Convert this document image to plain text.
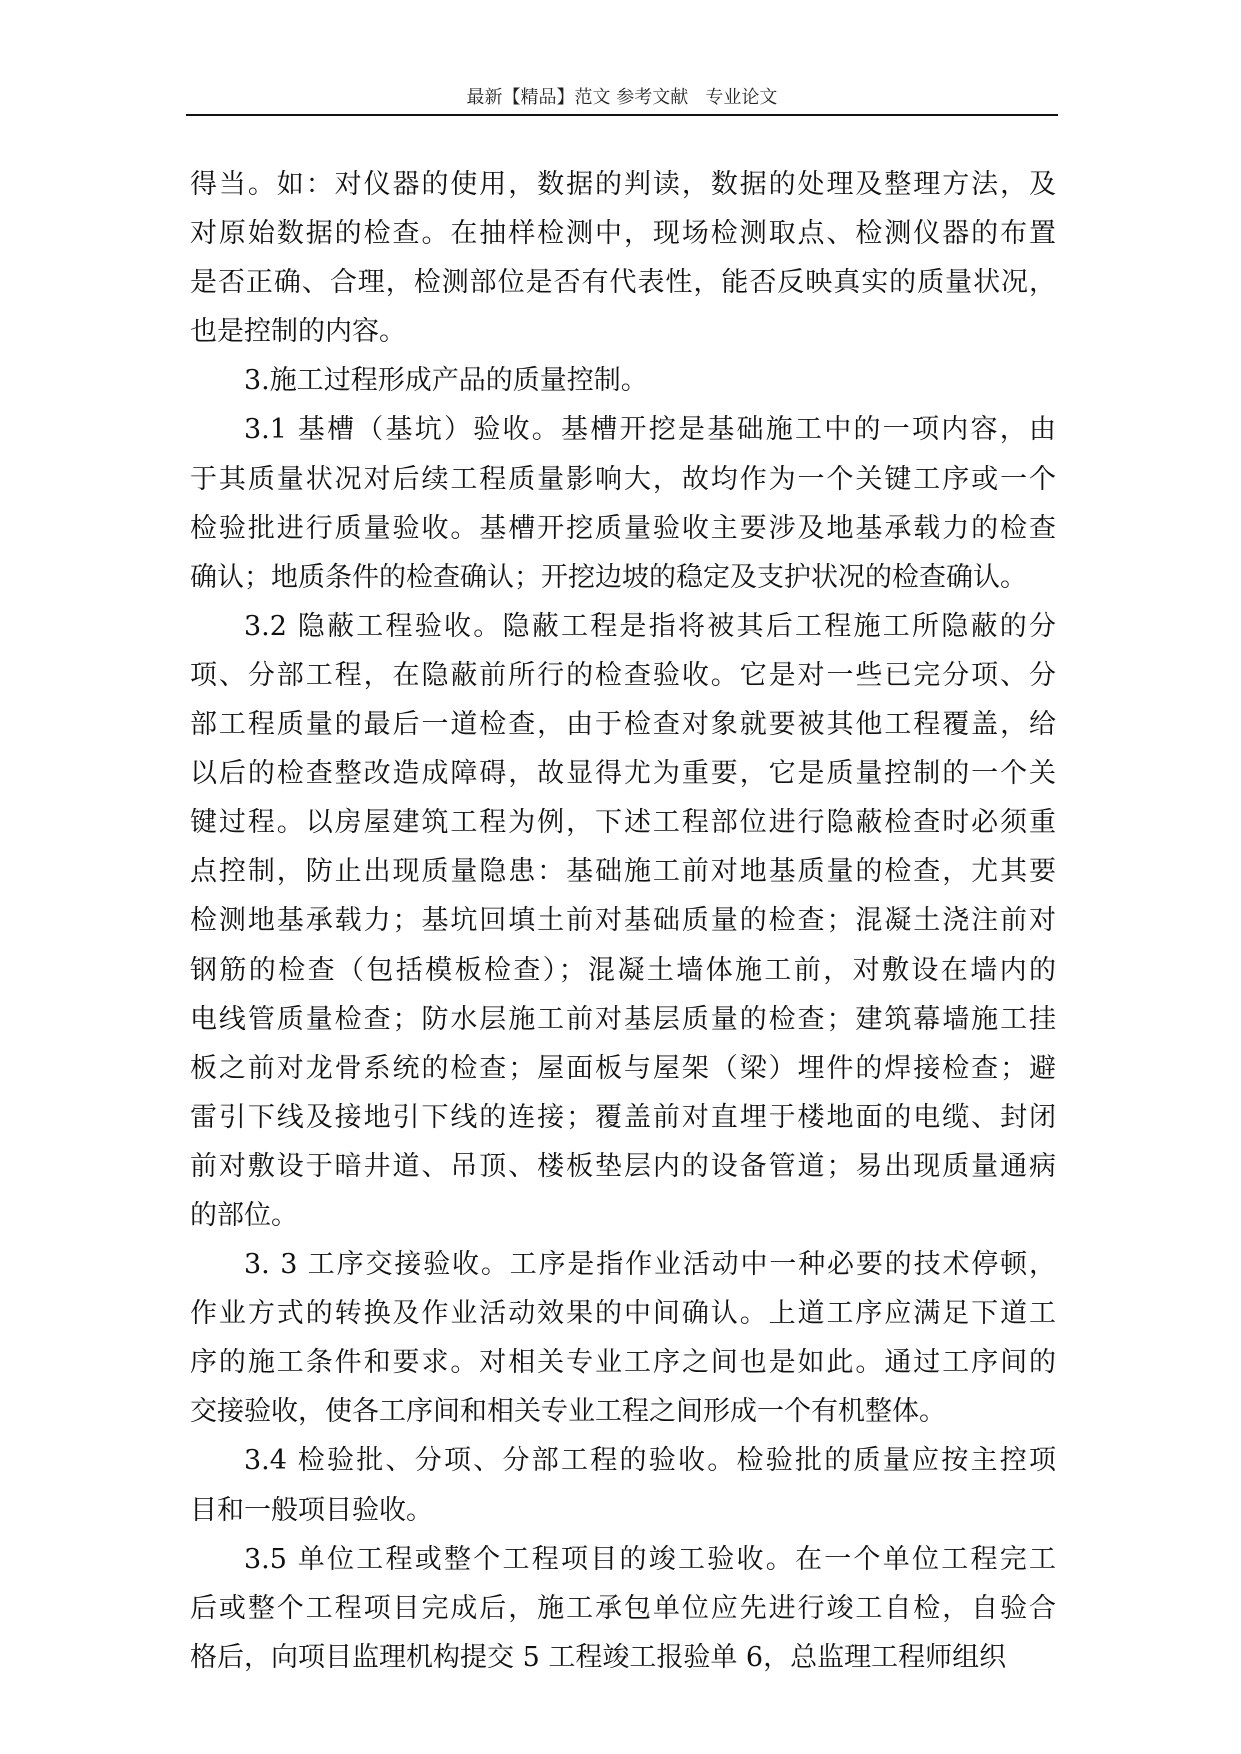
最新【精品】范文 参考文献   专业论文
得当。如：对仪器的使用，数据的判读，数据的处理及整理方法，及
对原始数据的检查。在抽样检测中，现场检测取点、检测仪器的布置
是否正确、合理，检测部位是否有代表性，能否反映真实的质量状况，
也是控制的内容。
3.施工过程形成产品的质量控制。
3.1 基槽（基坑）验收。基槽开挖是基础施工中的一项内容，由
于其质量状况对后续工程质量影响大，故均作为一个关键工序或一个
检验批进行质量验收。基槽开挖质量验收主要涉及地基承载力的检查
确认；地质条件的检查确认；开挖边坡的稳定及支护状况的检查确认。
3.2 隐蔽工程验收。隐蔽工程是指将被其后工程施工所隐蔽的分
项、分部工程，在隐蔽前所行的检查验收。它是对一些已完分项、分
部工程质量的最后一道检查，由于检查对象就要被其他工程覆盖，给
以后的检查整改造成障碍，故显得尤为重要，它是质量控制的一个关
键过程。以房屋建筑工程为例，下述工程部位进行隐蔽检查时必须重
点控制，防止出现质量隐患：基础施工前对地基质量的检查，尤其要
检测地基承载力；基坑回填土前对基础质量的检查；混凝土浇注前对
钢筋的检查（包括模板检查）；混凝土墙体施工前，对敷设在墙内的
电线管质量检查；防水层施工前对基层质量的检查；建筑幕墙施工挂
板之前对龙骨系统的检查；屋面板与屋架（梁）埋件的焊接检查；避
雷引下线及接地引下线的连接；覆盖前对直埋于楼地面的电缆、封闭
前对敷设于暗井道、吊顶、楼板垫层内的设备管道；易出现质量通病
的部位。
3. 3 工序交接验收。工序是指作业活动中一种必要的技术停顿，
作业方式的转换及作业活动效果的中间确认。上道工序应满足下道工
序的施工条件和要求。对相关专业工序之间也是如此。通过工序间的
交接验收，使各工序间和相关专业工程之间形成一个有机整体。
3.4 检验批、分项、分部工程的验收。检验批的质量应按主控项
目和一般项目验收。
3.5 单位工程或整个工程项目的竣工验收。在一个单位工程完工
后或整个工程项目完成后，施工承包单位应先进行竣工自检，自验合
格后，向项目监理机构提交 5 工程竣工报验单 6，总监理工程师组织
